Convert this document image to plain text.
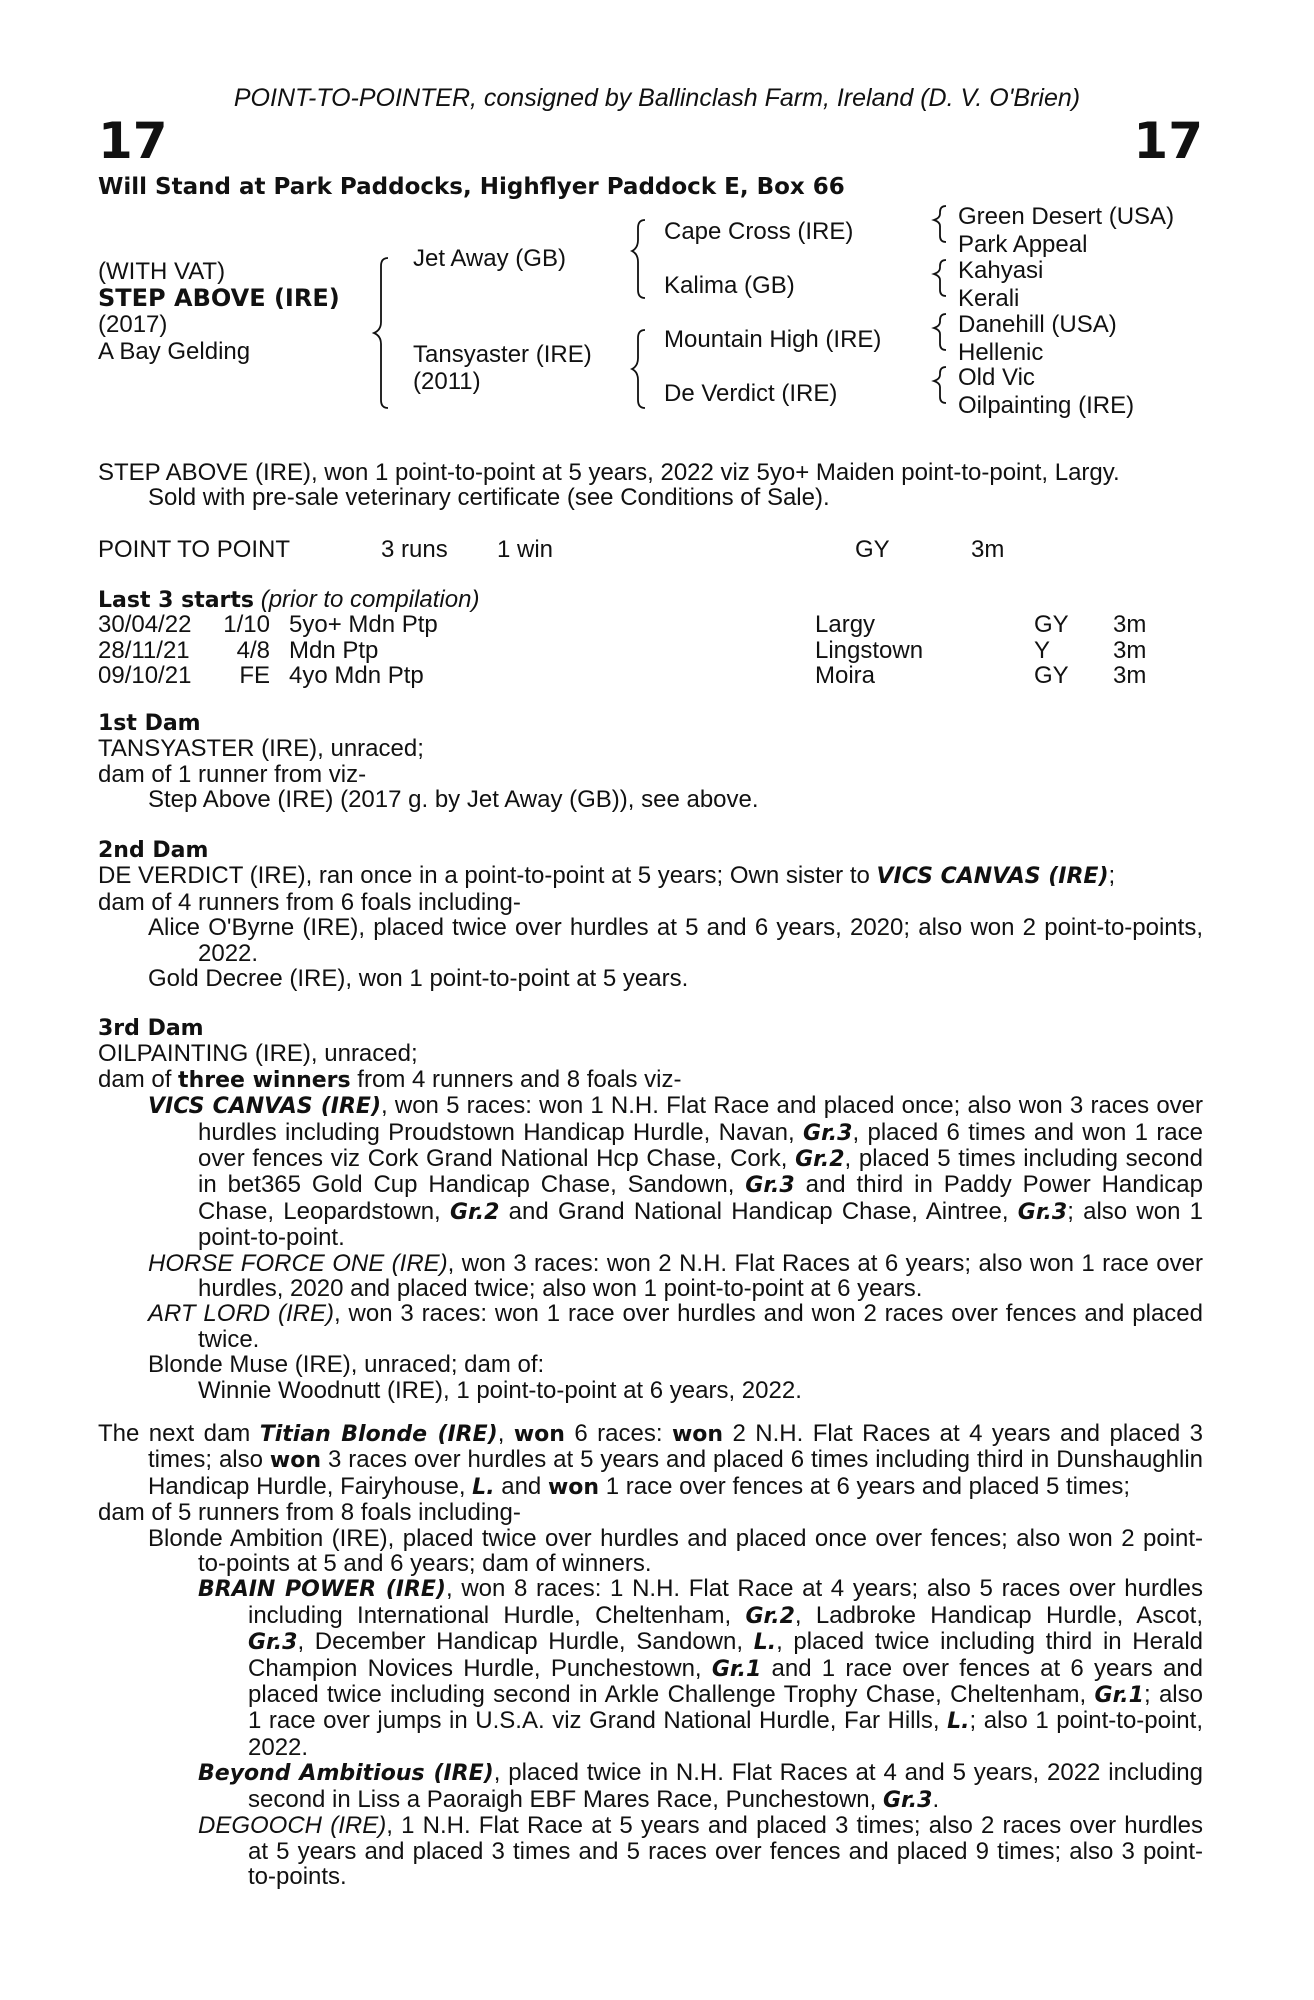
POINT-TO-POINTER, consigned by Ballinclash Farm, Ireland (D. V. O'Brien)
17	17
Will Stand at Park Paddocks, Highflyer Paddock E, Box 66
(WITH VAT)
STEP ABOVE (IRE)
(2017)
A Bay Gelding
Jet Away (GB)
Tansyaster (IRE)
(2011)
Cape Cross (IRE)
Kalima (GB)
Mountain High (IRE)
De Verdict (IRE)
Green Desert (USA)
Park Appeal
Kahyasi
Kerali
Danehill (USA)
Hellenic
Old Vic
Oilpainting (IRE)

STEP ABOVE (IRE), won 1 point-to-point at 5 years, 2022 viz 5yo+ Maiden point-to-point, Largy.

Sold with pre-sale veterinary certificate (see Conditions of Sale).

POINT TO POINT	3 runs 1 win	GY	3m
Last 3 starts (prior to compilation)
30/04/22 1/10 5yo+ Mdn Ptp	Largy	GY 3m
28/11/21	4/8 Mdn Ptp	Lingstown	Y	3m
09/10/21	FE 4yo Mdn Ptp	Moira	GY 3m

1st Dam

TANSYASTER (IRE), unraced;

dam of 1 runner from viz-

Step Above (IRE) (2017 g. by Jet Away (GB)), see above.

2nd Dam

DE VERDICT (IRE), ran once in a point-to-point at 5 years; Own sister to VICS CANVAS (IRE);

dam of 4 runners from 6 foals including-

Alice O'Byrne (IRE), placed twice over hurdles at 5 and 6 years, 2020; also won 2 point-to-points, 2022.

Gold Decree (IRE), won 1 point-to-point at 5 years.

3rd Dam

OILPAINTING (IRE), unraced;

dam of three winners from 4 runners and 8 foals viz-

VICS CANVAS (IRE), won 5 races: won 1 N.H. Flat Race and placed once; also won 3 races over hurdles including Proudstown Handicap Hurdle, Navan, Gr.3, placed 6 times and won 1 race over fences viz Cork Grand National Hcp Chase, Cork, Gr.2, placed 5 times including second in bet365 Gold Cup Handicap Chase, Sandown, Gr.3 and third in Paddy Power Handicap Chase, Leopardstown, Gr.2 and Grand National Handicap Chase, Aintree, Gr.3; also won 1 point-to-point.

HORSE FORCE ONE (IRE), won 3 races: won 2 N.H. Flat Races at 6 years; also won 1 race over hurdles, 2020 and placed twice; also won 1 point-to-point at 6 years.

ART LORD (IRE), won 3 races: won 1 race over hurdles and won 2 races over fences and placed twice.

Blonde Muse (IRE), unraced; dam of:

Winnie Woodnutt (IRE), 1 point-to-point at 6 years, 2022.

The next dam Titian Blonde (IRE), won 6 races: won 2 N.H. Flat Races at 4 years and placed 3 times; also won 3 races over hurdles at 5 years and placed 6 times including third in Dunshaughlin Handicap Hurdle, Fairyhouse, L. and won 1 race over fences at 6 years and placed 5 times;

dam of 5 runners from 8 foals including-

Blonde Ambition (IRE), placed twice over hurdles and placed once over fences; also won 2 point-to-points at 5 and 6 years; dam of winners.

BRAIN POWER (IRE), won 8 races: 1 N.H. Flat Race at 4 years; also 5 races over hurdles including International Hurdle, Cheltenham, Gr.2, Ladbroke Handicap Hurdle, Ascot, Gr.3, December Handicap Hurdle, Sandown, L., placed twice including third in Herald Champion Novices Hurdle, Punchestown, Gr.1 and 1 race over fences at 6 years and placed twice including second in Arkle Challenge Trophy Chase, Cheltenham, Gr.1; also 1 race over jumps in U.S.A. viz Grand National Hurdle, Far Hills, L.; also 1 point-to-point, 2022.

Beyond Ambitious (IRE), placed twice in N.H. Flat Races at 4 and 5 years, 2022 including second in Liss a Paoraigh EBF Mares Race, Punchestown, Gr.3.

DEGOOCH (IRE), 1 N.H. Flat Race at 5 years and placed 3 times; also 2 races over hurdles at 5 years and placed 3 times and 5 races over fences and placed 9 times; also 3 point-to-points.
